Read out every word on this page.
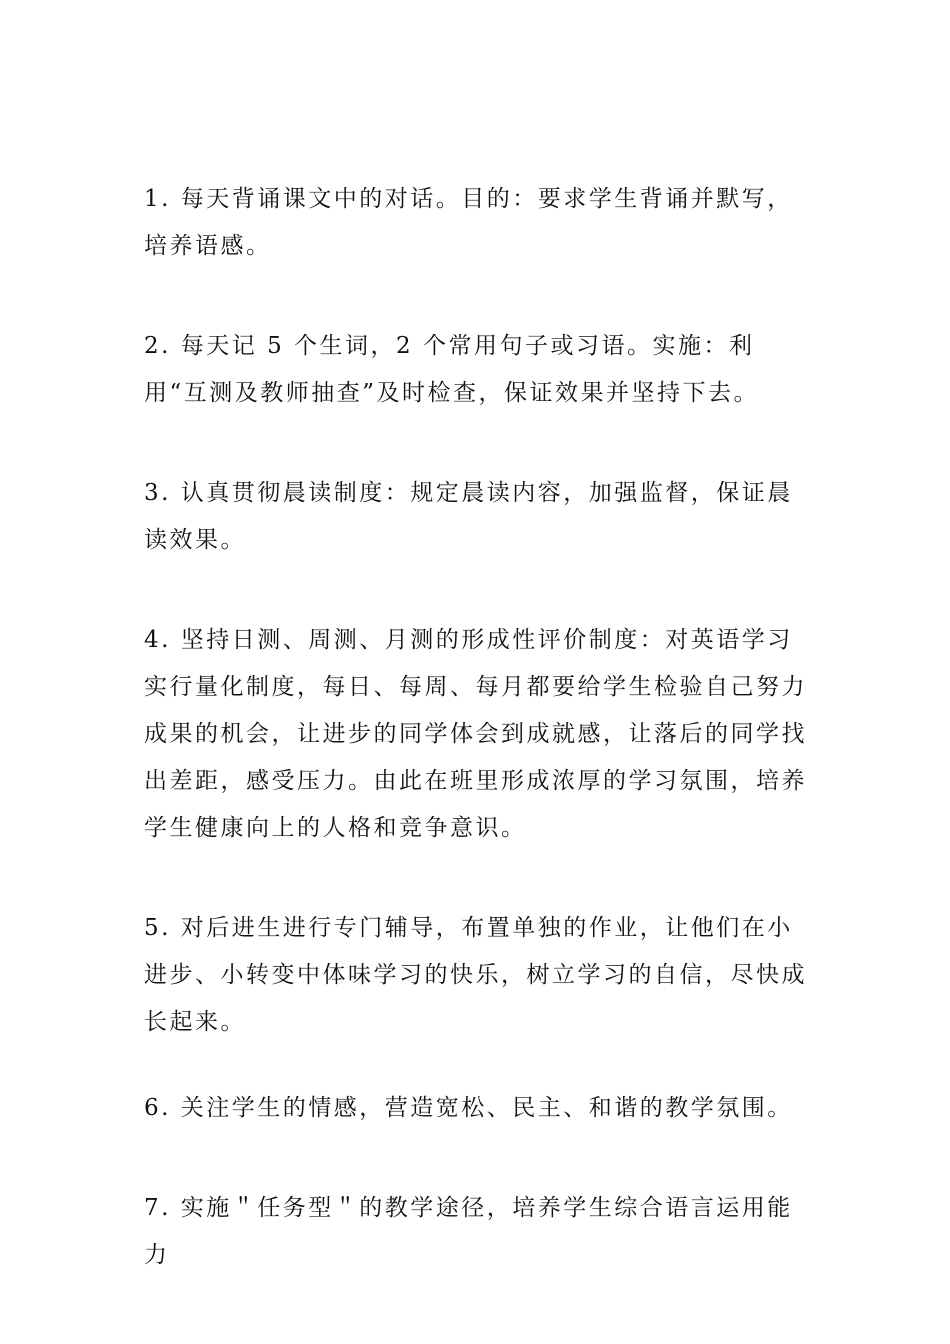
1. 每天背诵课文中的对话。目的：要求学生背诵并默写，培养语感。

2. 每天记 5 个生词，2 个常用句子或习语。实施：利用“互测及教师抽查”及时检查，保证效果并坚持下去。

3. 认真贯彻晨读制度：规定晨读内容，加强监督，保证晨读效果。

4. 坚持日测、周测、月测的形成性评价制度：对英语学习实行量化制度，每日、每周、每月都要给学生检验自己努力成果的机会，让进步的同学体会到成就感，让落后的同学找出差距，感受压力。由此在班里形成浓厚的学习氛围，培养学生健康向上的人格和竞争意识。

5. 对后进生进行专门辅导，布置单独的作业，让他们在小进步、小转变中体味学习的快乐，树立学习的自信，尽快成长起来。

6. 关注学生的情感，营造宽松、民主、和谐的教学氛围。

7. 实施＂任务型＂的教学途径，培养学生综合语言运用能力
